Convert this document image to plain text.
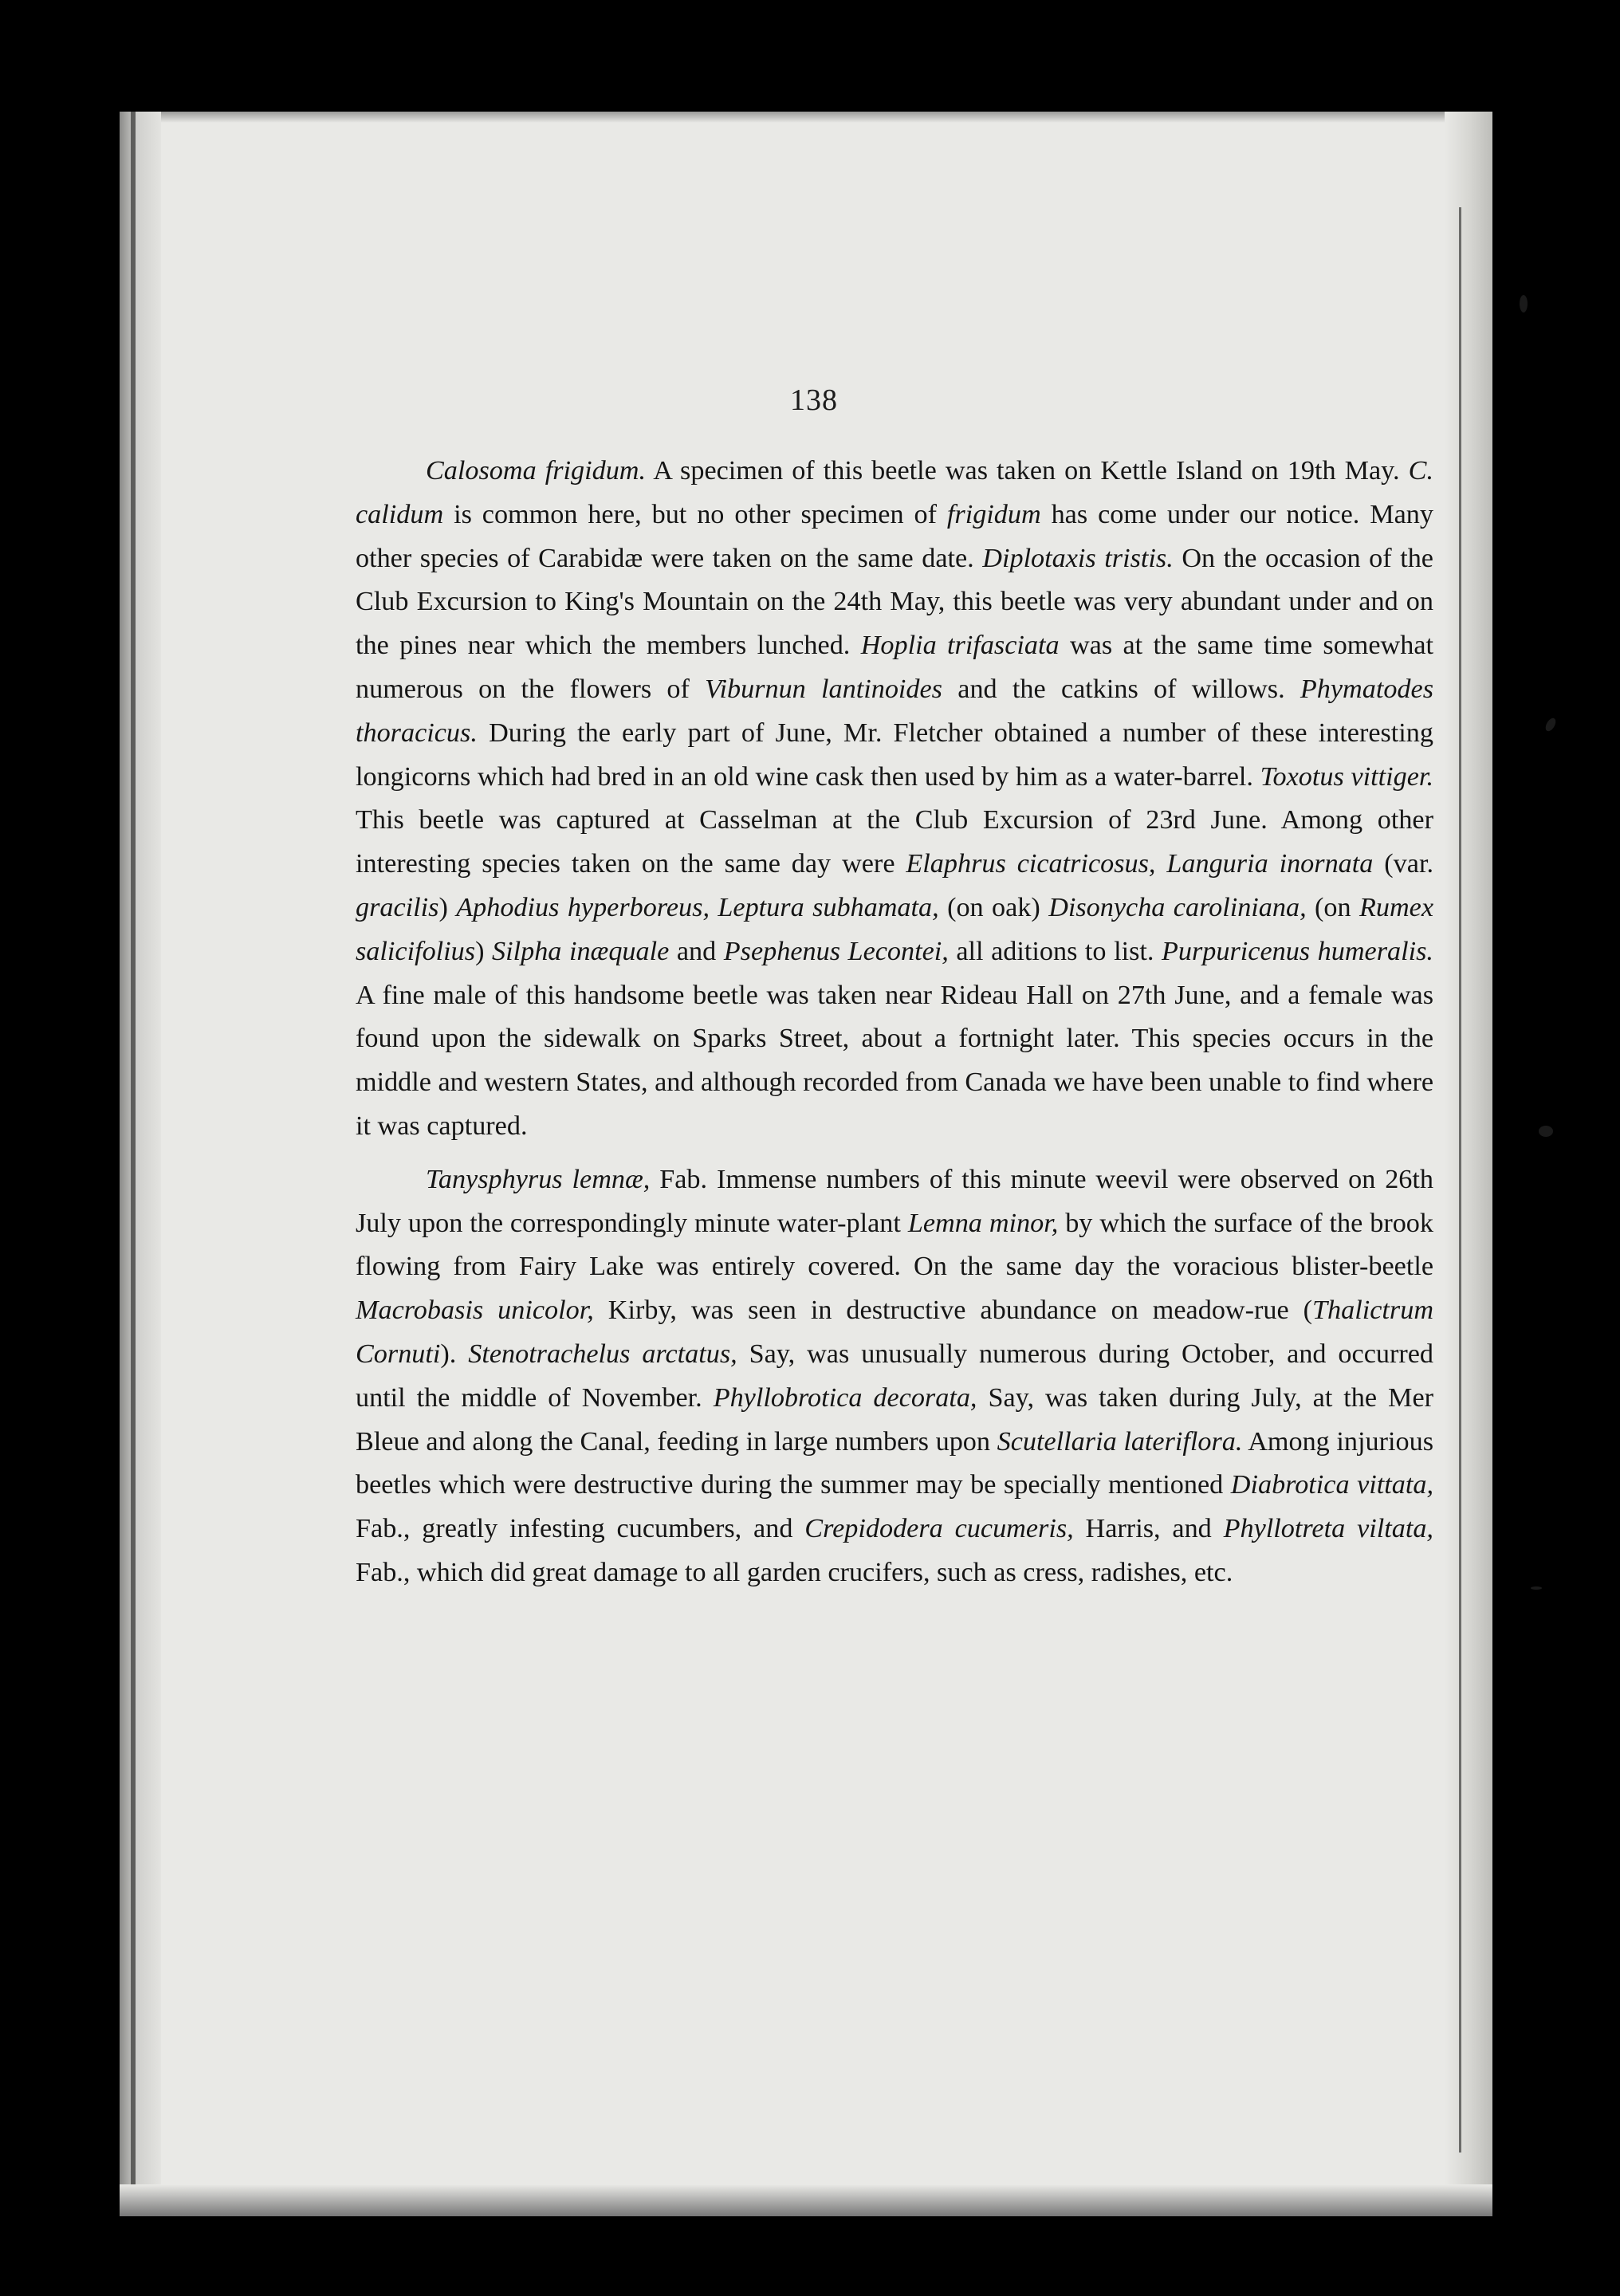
138

Calosoma frigidum. A specimen of this beetle was taken on Kettle Island on 19th May. C. calidum is common here, but no other specimen of frigidum has come under our notice. Many other species of Carabidæ were taken on the same date. Diplotaxis tristis. On the occasion of the Club Excursion to King's Mountain on the 24th May, this beetle was very abundant under and on the pines near which the members lunched. Hoplia trifasciata was at the same time somewhat numerous on the flowers of Viburnun lantinoides and the catkins of willows. Phymatodes thoracicus. During the early part of June, Mr. Fletcher obtained a number of these interesting longicorns which had bred in an old wine cask then used by him as a water-barrel. Toxotus vittiger. This beetle was captured at Casselman at the Club Excursion of 23rd June. Among other interesting species taken on the same day were Elaphrus cicatricosus, Languria inornata (var. gracilis) Aphodius hyperboreus, Leptura subhamata, (on oak) Disonycha caroliniana, (on Rumex salicifolius) Silpha inæquale and Psephenus Lecontei, all aditions to list. Purpuricenus humeralis. A fine male of this handsome beetle was taken near Rideau Hall on 27th June, and a female was found upon the sidewalk on Sparks Street, about a fortnight later. This species occurs in the middle and western States, and although recorded from Canada we have been unable to find where it was captured.

Tanysphyrus lemnæ, Fab. Immense numbers of this minute weevil were observed on 26th July upon the correspondingly minute water-plant Lemna minor, by which the surface of the brook flowing from Fairy Lake was entirely covered. On the same day the voracious blister-beetle Macrobasis unicolor, Kirby, was seen in destructive abundance on meadow-rue (Thalictrum Cornuti). Stenotrachelus arctatus, Say, was unusually numerous during October, and occurred until the middle of November. Phyllobrotica decorata, Say, was taken during July, at the Mer Bleue and along the Canal, feeding in large numbers upon Scutellaria lateriflora. Among injurious beetles which were destructive during the summer may be specially mentioned Diabrotica vittata, Fab., greatly infesting cucumbers, and Crepidodera cucumeris, Harris, and Phyllotreta viltata, Fab., which did great damage to all garden crucifers, such as cress, radishes, etc.
